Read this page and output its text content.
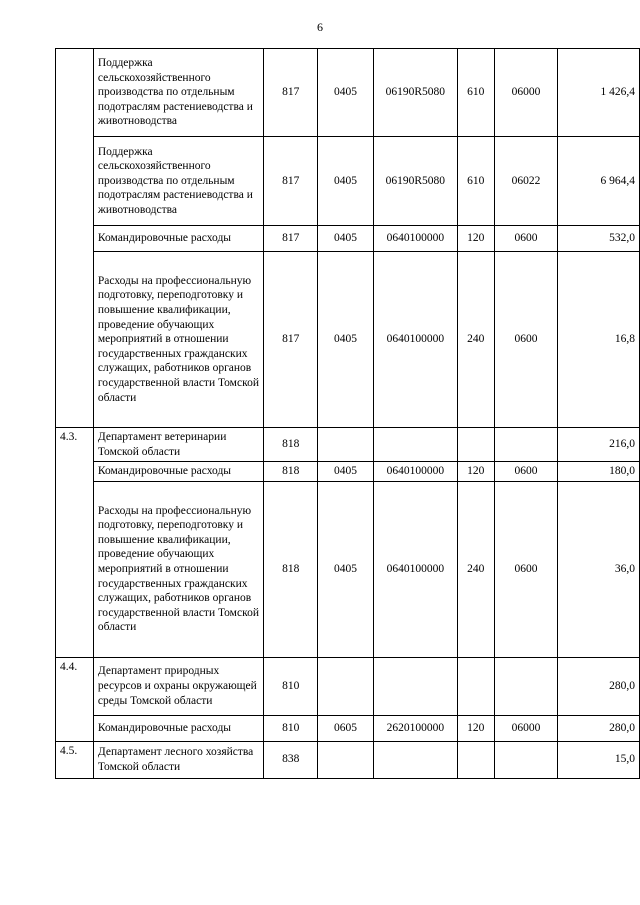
6
	Поддержка сельскохозяйственного производства по отдельным подотраслям растениеводства и животноводства	817	0405	06190R5080	610	06000	1 426,4
	Поддержка сельскохозяйственного производства по отдельным подотраслям растениеводства и животноводства	817	0405	06190R5080	610	06022	6 964,4
	Командировочные расходы	817	0405	0640100000	120	0600	532,0
	Расходы на профессиональную подготовку, переподготовку и повышение квалификации, проведение обучающих мероприятий в отношении государственных гражданских служащих, работников органов государственной власти Томской области	817	0405	0640100000	240	0600	16,8
4.3.	Департамент ветеринарии Томской области	818					216,0
	Командировочные расходы	818	0405	0640100000	120	0600	180,0
	Расходы на профессиональную подготовку, переподготовку и повышение квалификации, проведение обучающих мероприятий в отношении государственных гражданских служащих, работников органов государственной власти Томской области	818	0405	0640100000	240	0600	36,0
4.4.	Департамент природных ресурсов и охраны окружающей среды Томской области	810					280,0
	Командировочные расходы	810	0605	2620100000	120	06000	280,0
4.5.	Департамент лесного хозяйства Томской области	838					15,0
